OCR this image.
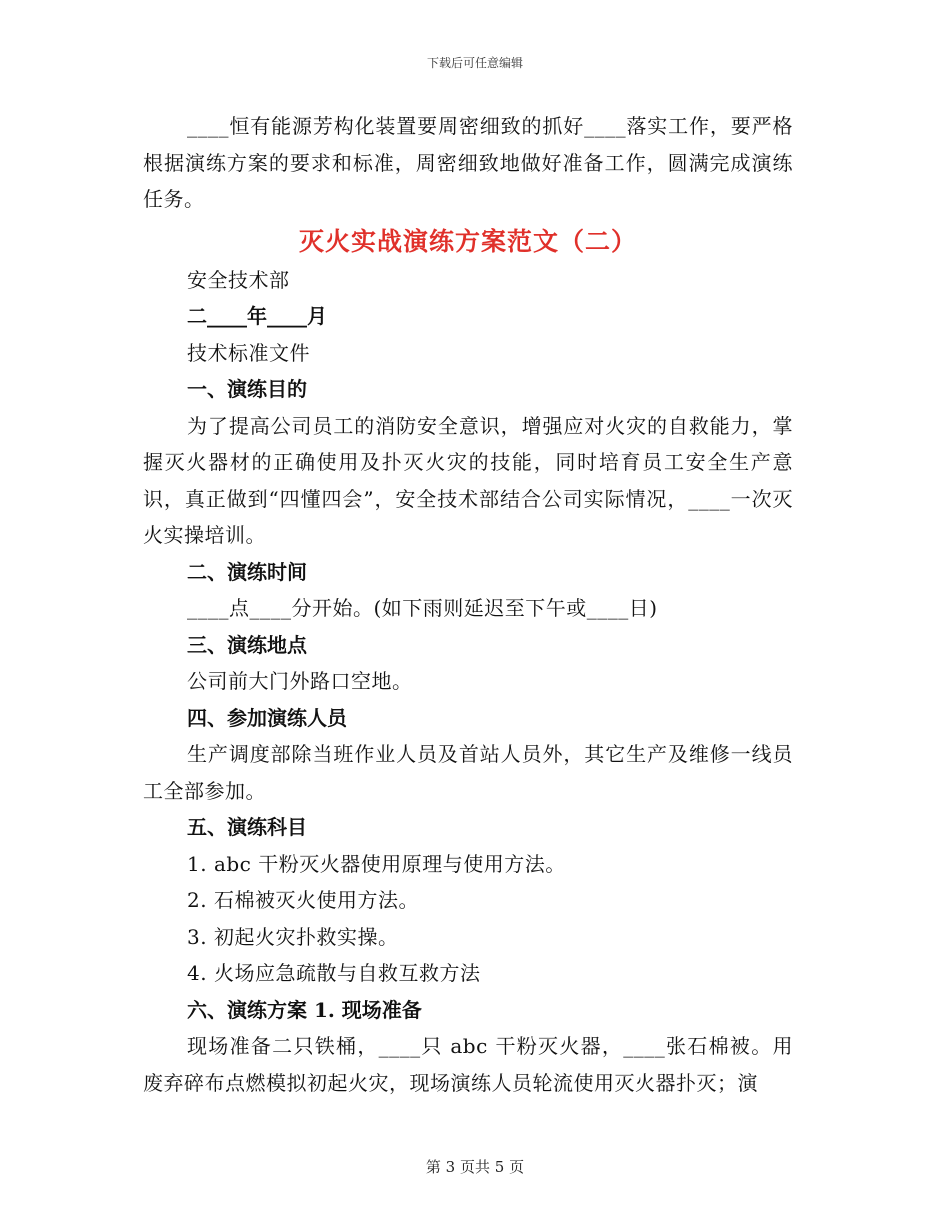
下载后可任意编辑

____恒有能源芳构化装置要周密细致的抓好____落实工作，要严格根据演练方案的要求和标准，周密细致地做好准备工作，圆满完成演练任务。

灭火实战演练方案范文（二）

安全技术部

二____年____月

技术标准文件

一、演练目的

为了提高公司员工的消防安全意识，增强应对火灾的自救能力，掌握灭火器材的正确使用及扑灭火灾的技能，同时培育员工安全生产意识，真正做到“四懂四会”，安全技术部结合公司实际情况，____一次灭火实操培训。

二、演练时间

____点____分开始。(如下雨则延迟至下午或____日)

三、演练地点

公司前大门外路口空地。

四、参加演练人员

生产调度部除当班作业人员及首站人员外，其它生产及维修一线员工全部参加。

五、演练科目

1. abc 干粉灭火器使用原理与使用方法。

2. 石棉被灭火使用方法。

3. 初起火灾扑救实操。

4. 火场应急疏散与自救互救方法

六、演练方案 1. 现场准备

现场准备二只铁桶，____只 abc 干粉灭火器，____张石棉被。用废弃碎布点燃模拟初起火灾，现场演练人员轮流使用灭火器扑灭；演

第 3 页共 5 页
